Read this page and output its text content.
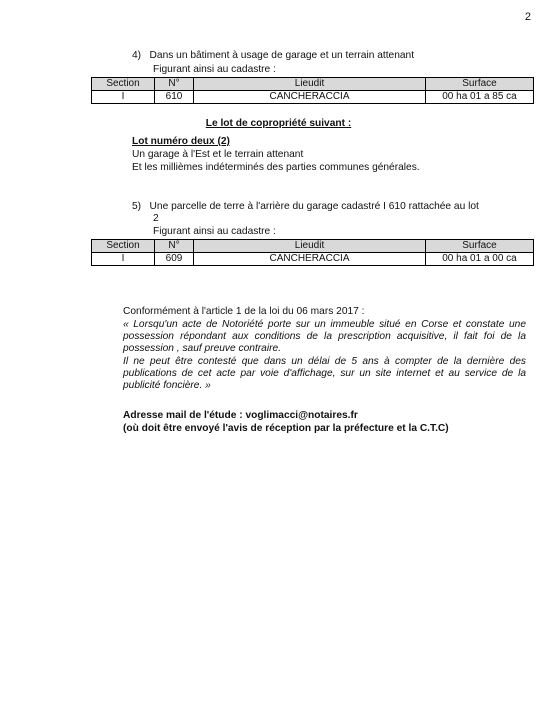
2
4)   Dans un bâtiment à usage de garage et un terrain attenant
Figurant ainsi au cadastre :
Section	N°	Lieudit	Surface
I	610	CANCHERACCIA	00 ha 01 a 85 ca
Le lot de copropriété suivant :
Lot numéro deux (2)
Un garage à l'Est et le terrain attenant
Et les millièmes indéterminés des parties communes générales.
5)   Une parcelle de terre à l'arrière du garage cadastré I 610 rattachée au lot
2
Figurant ainsi au cadastre :
Section	N°	Lieudit	Surface
I	609	CANCHERACCIA	00 ha 01 a 00 ca
Conformément à l'article 1 de la loi du 06 mars 2017 :
« Lorsqu'un acte de Notoriété porte sur un immeuble situé en Corse et constate une possession répondant aux conditions de la prescription acquisitive, il fait foi de la possession , sauf preuve contraire.
Il ne peut être contesté que dans un délai de 5 ans à compter de la dernière des publications de cet acte par voie d'affichage, sur un site internet et au service de la publicité foncière. »
Adresse mail de l'étude : voglimacci@notaires.fr
(où doit être envoyé l'avis de réception par la préfecture et la C.T.C)
